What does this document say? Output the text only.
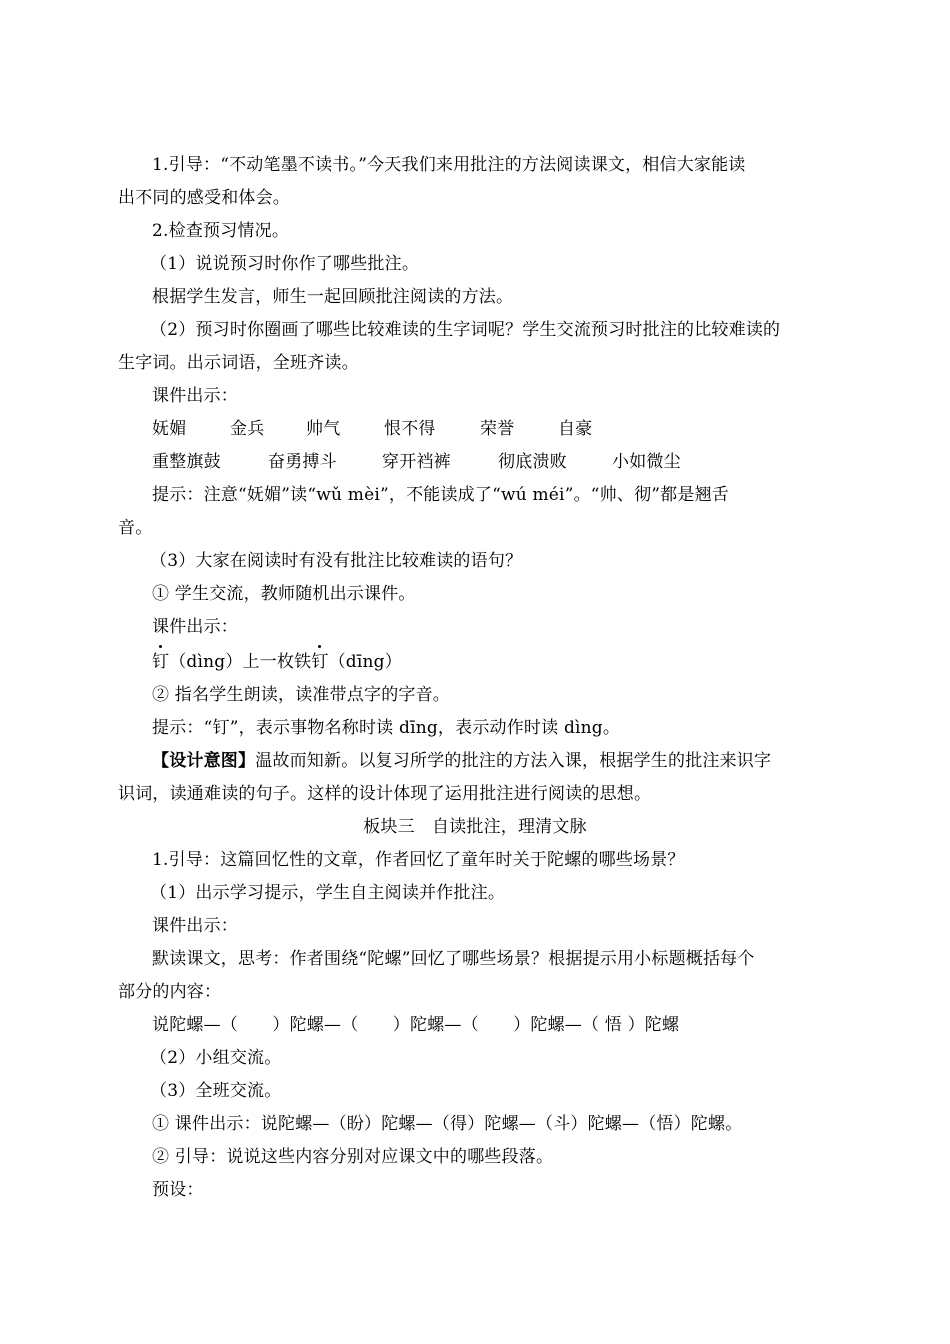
1.引导：“不动笔墨不读书。”今天我们来用批注的方法阅读课文，相信大家能读
出不同的感受和体会。
2.检查预习情况。
（1）说说预习时你作了哪些批注。
根据学生发言，师生一起回顾批注阅读的方法。
（2）预习时你圈画了哪些比较难读的生字词呢？学生交流预习时批注的比较难读的
生字词。出示词语，全班齐读。
课件出示：
妩媚	金兵 帅气	恨不得	荣誉	自豪
重整旗鼓	奋勇搏斗	穿开裆裤	彻底溃败	小如微尘
提示：注意“妩媚”读“wǔ mèi”，不能读成了“wú méi”。“帅、彻”都是翘舌
音。
（3）大家在阅读时有没有批注比较难读的语句？
① 学生交流，教师随机出示课件。
课件出示：
钉（dìng）上一枚铁钉（dīng）
② 指名学生朗读，读准带点字的字音。
提示：“钉”，表示事物名称时读 dīng，表示动作时读 dìng。
【设计意图】温故而知新。以复习所学的批注的方法入课，根据学生的批注来识字
识词，读通难读的句子。这样的设计体现了运用批注进行阅读的思想。
板块三　自读批注，理清文脉
1.引导：这篇回忆性的文章，作者回忆了童年时关于陀螺的哪些场景？
（1）出示学习提示，学生自主阅读并作批注。
课件出示：
默读课文，思考：作者围绕“陀螺”回忆了哪些场景？根据提示用小标题概括每个
部分的内容：
说陀螺—（　　）陀螺—（　　）陀螺—（　　）陀螺—（ 悟 ）陀螺
（2）小组交流。
（3）全班交流。
① 课件出示：说陀螺—（盼）陀螺—（得）陀螺—（斗）陀螺—（悟）陀螺。
② 引导：说说这些内容分别对应课文中的哪些段落。
预设：
